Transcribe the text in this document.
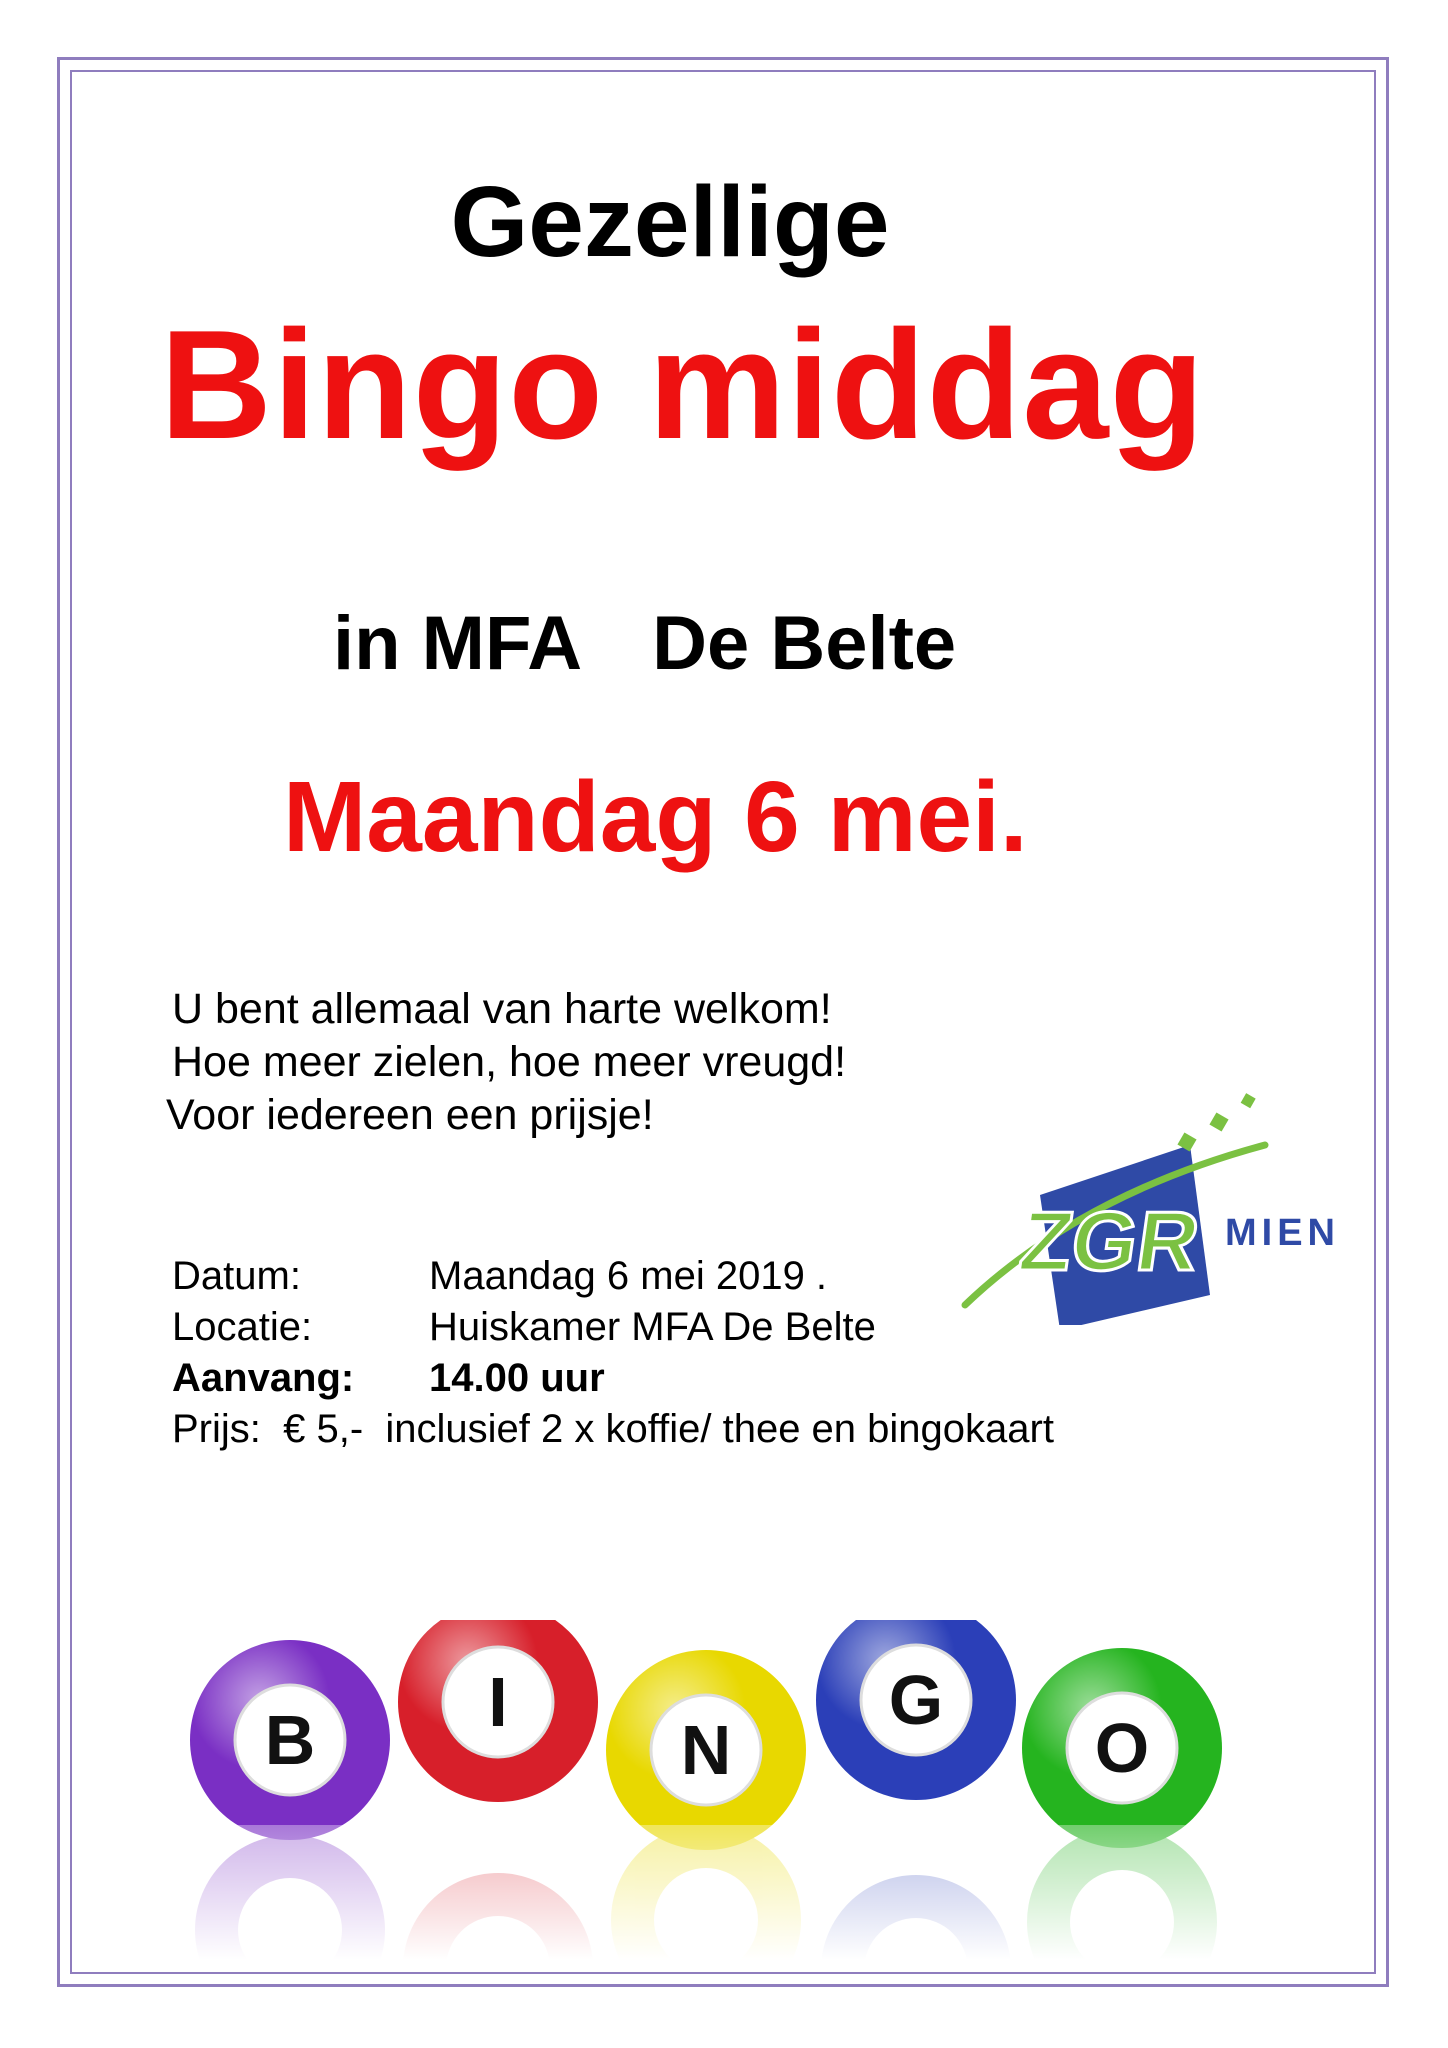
Gezellige
Bingo middag
in MFA De Belte
Maandag 6 mei.
U bent allemaal van harte welkom!
Hoe meer zielen, hoe meer vreugd!
Voor iedereen een prijsje!
Datum:	Maandag 6 mei 2019 .
Locatie:	Huiskamer MFA De Belte
Aanvang:	14.00 uur
Prijs:  € 5,-  inclusief 2 x koffie/ thee en bingokaart
ZGR MIEN
B I
N
G
O
